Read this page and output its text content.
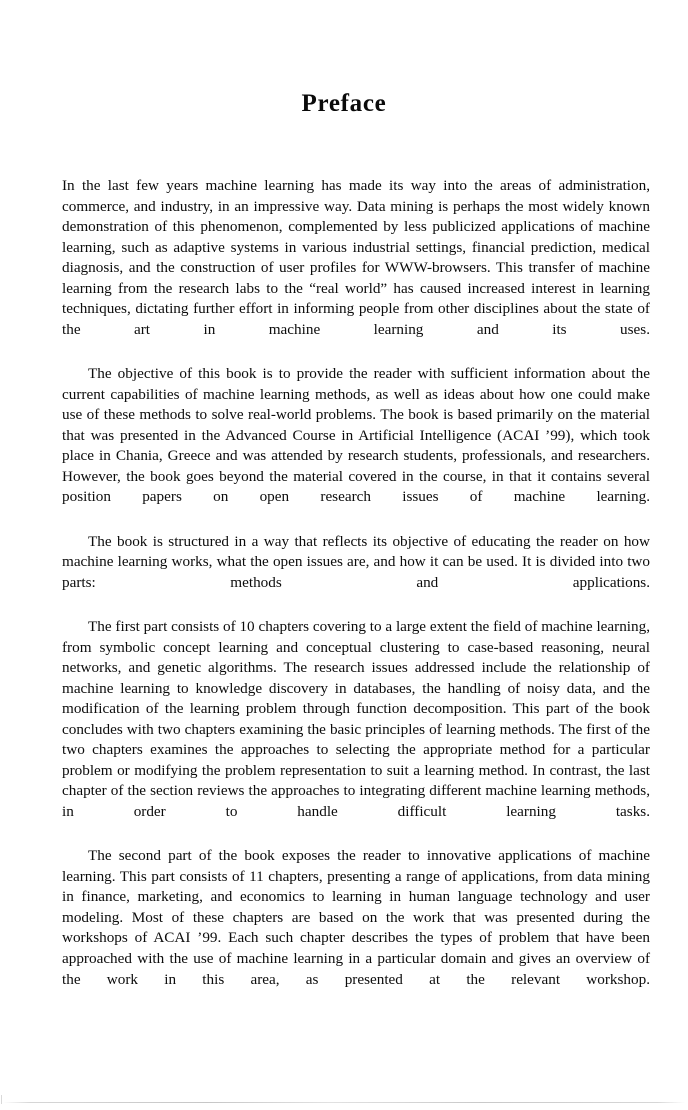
Preface

In the last few years machine learning has made its way into the areas of administration, commerce, and industry, in an impressive way. Data mining is perhaps the most widely known demonstration of this phenomenon, complemented by less publicized applications of machine learning, such as adaptive systems in various industrial settings, financial prediction, medical diagnosis, and the construction of user profiles for WWW-browsers. This transfer of machine learning from the research labs to the “real world” has caused increased interest in learning techniques, dictating further effort in informing people from other disciplines about the state of the art in machine learning and its uses.

The objective of this book is to provide the reader with sufficient information about the current capabilities of machine learning methods, as well as ideas about how one could make use of these methods to solve real-world problems. The book is based primarily on the material that was presented in the Advanced Course in Artificial Intelligence (ACAI ’99), which took place in Chania, Greece and was attended by research students, professionals, and researchers. However, the book goes beyond the material covered in the course, in that it contains several position papers on open research issues of machine learning.

The book is structured in a way that reflects its objective of educating the reader on how machine learning works, what the open issues are, and how it can be used. It is divided into two parts: methods and applications.

The first part consists of 10 chapters covering to a large extent the field of machine learning, from symbolic concept learning and conceptual clustering to case-based reasoning, neural networks, and genetic algorithms. The research issues addressed include the relationship of machine learning to knowledge discovery in databases, the handling of noisy data, and the modification of the learning problem through function decomposition. This part of the book concludes with two chapters examining the basic principles of learning methods. The first of the two chapters examines the approaches to selecting the appropriate method for a particular problem or modifying the problem representation to suit a learning method. In contrast, the last chapter of the section reviews the approaches to integrating different machine learning methods, in order to handle difficult learning tasks.

The second part of the book exposes the reader to innovative applications of machine learning. This part consists of 11 chapters, presenting a range of applications, from data mining in finance, marketing, and economics to learning in human language technology and user modeling. Most of these chapters are based on the work that was presented during the workshops of ACAI ’99. Each such chapter describes the types of problem that have been approached with the use of machine learning in a particular domain and gives an overview of the work in this area, as presented at the relevant workshop.
